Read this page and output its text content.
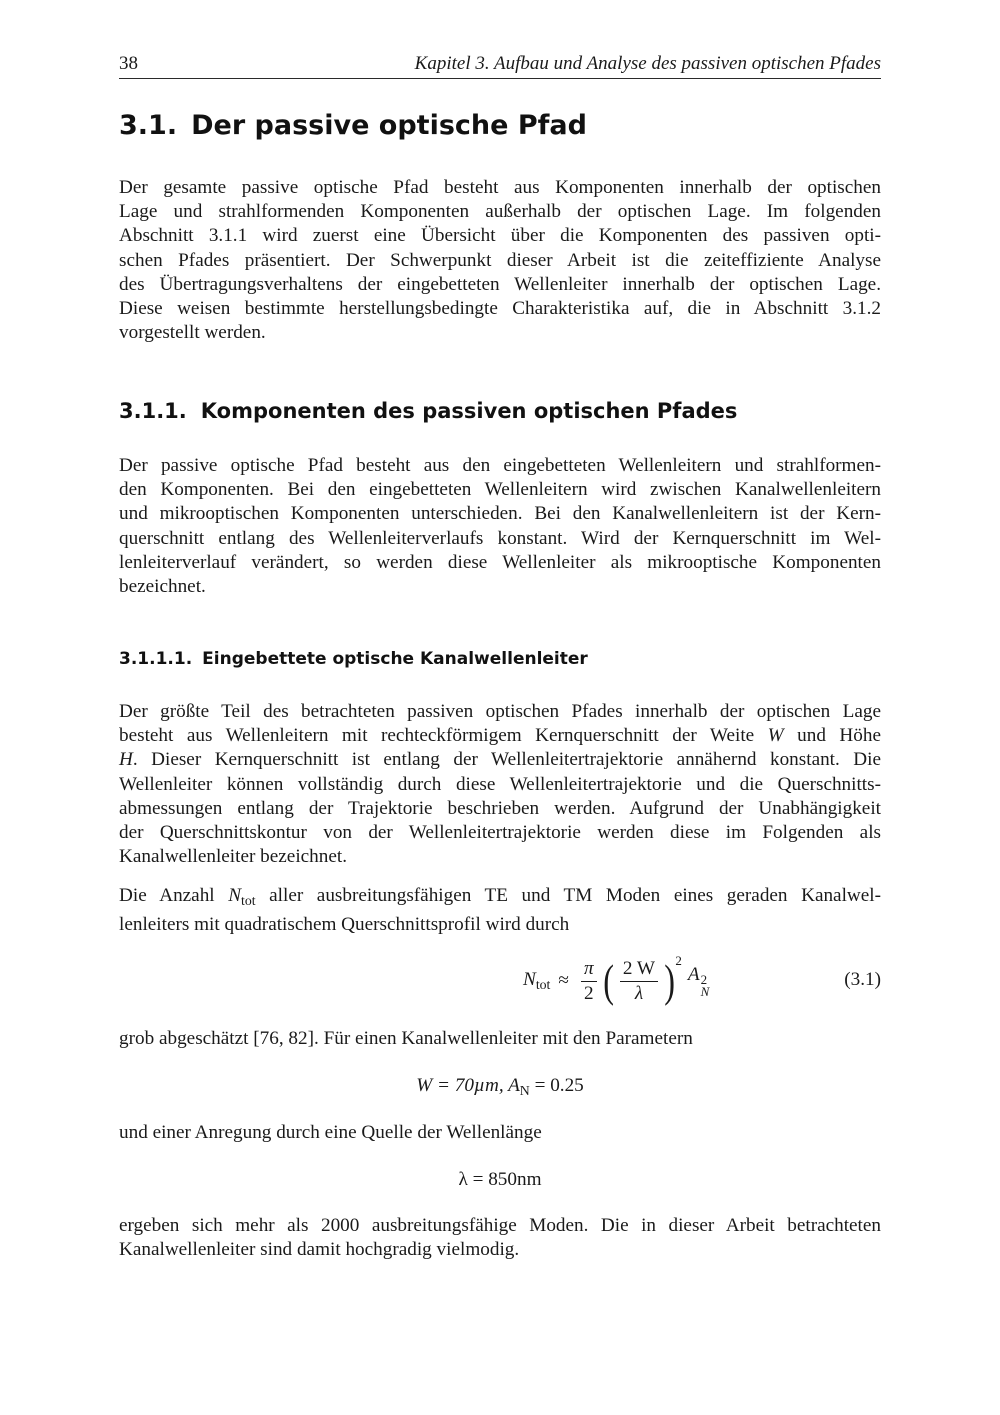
38	Kapitel 3. Aufbau und Analyse des passiven optischen Pfades
3.1. Der passive optische Pfad

Der gesamte passive optische Pfad besteht aus Komponenten innerhalb der optischen
Lage und strahlformenden Komponenten außerhalb der optischen Lage. Im folgenden
Abschnitt 3.1.1 wird zuerst eine Übersicht über die Komponenten des passiven opti-
schen Pfades präsentiert. Der Schwerpunkt dieser Arbeit ist die zeiteffiziente Analyse
des Übertragungsverhaltens der eingebetteten Wellenleiter innerhalb der optischen Lage.
Diese weisen bestimmte herstellungsbedingte Charakteristika auf, die in Abschnitt 3.1.2
vorgestellt werden.

3.1.1. Komponenten des passiven optischen Pfades

Der passive optische Pfad besteht aus den eingebetteten Wellenleitern und strahlformen-
den Komponenten. Bei den eingebetteten Wellenleitern wird zwischen Kanalwellenleitern
und mikrooptischen Komponenten unterschieden. Bei den Kanalwellenleitern ist der Kern-
querschnitt entlang des Wellenleiterverlaufs konstant. Wird der Kernquerschnitt im Wel-
lenleiterverlauf verändert, so werden diese Wellenleiter als mikrooptische Komponenten
bezeichnet.

3.1.1.1. Eingebettete optische Kanalwellenleiter

Der größte Teil des betrachteten passiven optischen Pfades innerhalb der optischen Lage
besteht aus Wellenleitern mit rechteckförmigem Kernquerschnitt der Weite W und Höhe
H. Dieser Kernquerschnitt ist entlang der Wellenleitertrajektorie annähernd konstant. Die
Wellenleiter können vollständig durch diese Wellenleitertrajektorie und die Querschnitts-
abmessungen entlang der Trajektorie beschrieben werden. Aufgrund der Unabhängigkeit
der Querschnittskontur von der Wellenleitertrajektorie werden diese im Folgenden als
Kanalwellenleiter bezeichnet.

Die Anzahl $N_{tot}$ aller ausbreitungsfähigen TE und TM Moden eines geraden Kanalwel-
lenleiters mit quadratischem Querschnittsprofil wird durch

$N_{tot} \approx \frac{\pi}{2}$ ( $\frac{2 W}{\lambda}$ ) 2
A 2
N
(3.1)

grob abgeschätzt [76, 82]. Für einen Kanalwellenleiter mit den Parametern

W = 70µm, $A_N = 0.25$

und einer Anregung durch eine Quelle der Wellenlänge

λ = 850nm

ergeben sich mehr als 2000 ausbreitungsfähige Moden. Die in dieser Arbeit betrachteten
Kanalwellenleiter sind damit hochgradig vielmodig.
